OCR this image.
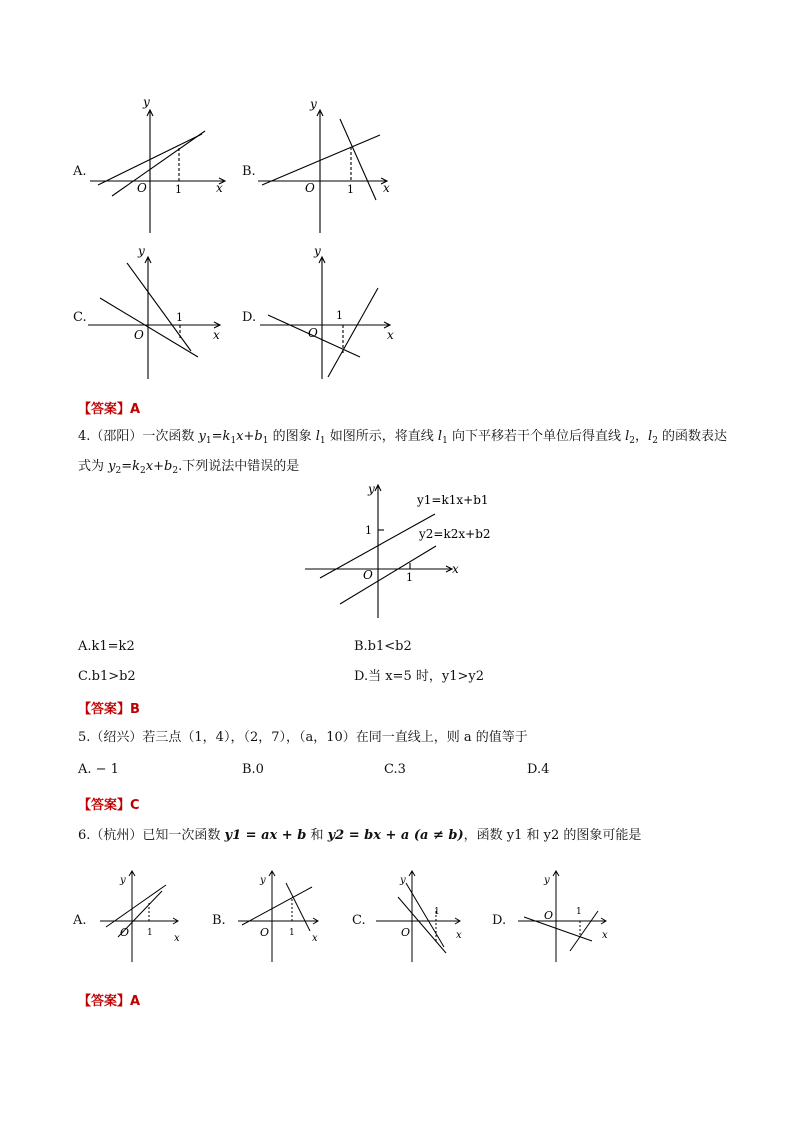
A.
y
x
O	1
B.
y
x
O	1
C.
y
x
O
1	D.
y
x
O
1
【答案】A
4.（邵阳）一次函数 $y_1=k_1x+b_1$ 的图象 $l_1$ 如图所示，将直线 $l_1$ 向下平移若干个单位后得直线 $l_2$，$l_2$ 的函数表达
式为 $y_2=k_2x+b_2$.下列说法中错误的是
y
x
O	1
1
y1=k1x+b1
y2=k2x+b2
A.k1=k2	B.b1<b2
C.b1>b2	D.当 x=5 时，y1>y2
【答案】B
5.（绍兴）若三点（1，4），（2，7），（a，10）在同一直线上，则 a 的值等于
A. − 1	B.0	C.3	D.4
【答案】C
6.（杭州）已知一次函数 y1 = ax + b 和 y2 = bx + a (a ≠ b)，函数 y1 和 y2 的图象可能是
A.
y
x
O 1
B.
y
x
O 1
C.
y
x
O
1
D.
y
x
O	1
【答案】A
